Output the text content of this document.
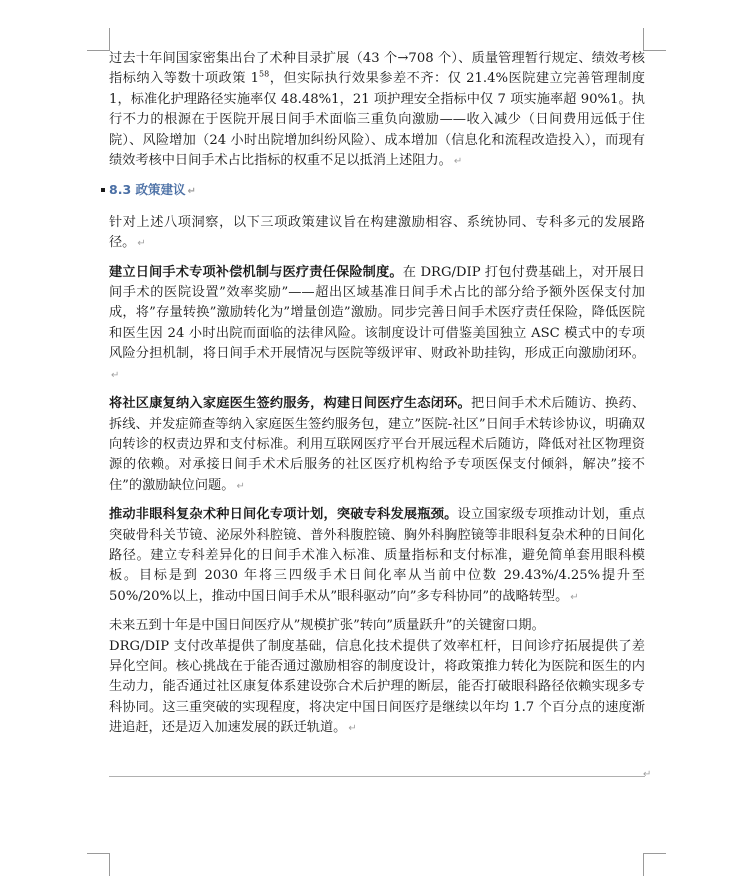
过去十年间国家密集出台了术种目录扩展（43 个→708 个）、质量管理暂行规定、绩效考核指标纳入等数十项政策 $1^{58}$，但实际执行效果参差不齐：仅 21.4%医院建立完善管理制度 1，标准化护理路径实施率仅 48.48%1，21 项护理安全指标中仅 7 项实施率超 90%1。执行不力的根源在于医院开展日间手术面临三重负向激励——收入减少（日间费用远低于住院）、风险增加（24 小时出院增加纠纷风险）、成本增加（信息化和流程改造投入），而现有绩效考核中日间手术占比指标的权重不足以抵消上述阻力。 ↵

8.3 政策建议 ↵

针对上述八项洞察，以下三项政策建议旨在构建激励相容、系统协同、专科多元的发展路径。 ↵

建立日间手术专项补偿机制与医疗责任保险制度。在 DRG/DIP 打包付费基础上，对开展日间手术的医院设置”效率奖励”——超出区域基准日间手术占比的部分给予额外医保支付加成，将”存量转换”激励转化为”增量创造”激励。同步完善日间手术医疗责任保险，降低医院和医生因 24 小时出院而面临的法律风险。该制度设计可借鉴美国独立 ASC 模式中的专项风险分担机制，将日间手术开展情况与医院等级评审、财政补助挂钩，形成正向激励闭环。↵

将社区康复纳入家庭医生签约服务，构建日间医疗生态闭环。把日间手术术后随访、换药、拆线、并发症筛查等纳入家庭医生签约服务包，建立”医院-社区”日间手术转诊协议，明确双向转诊的权责边界和支付标准。利用互联网医疗平台开展远程术后随访，降低对社区物理资源的依赖。对承接日间手术术后服务的社区医疗机构给予专项医保支付倾斜，解决”接不住”的激励缺位问题。 ↵

推动非眼科复杂术种日间化专项计划，突破专科发展瓶颈。设立国家级专项推动计划，重点突破骨科关节镜、泌尿外科腔镜、普外科腹腔镜、胸外科胸腔镜等非眼科复杂术种的日间化路径。建立专科差异化的日间手术准入标准、质量指标和支付标准，避免简单套用眼科模板。目标是到 2030 年将三四级手术日间化率从当前中位数 29.43%/4.25%提升至 50%/20%以上，推动中国日间手术从”眼科驱动”向”多专科协同”的战略转型。 ↵

未来五到十年是中国日间医疗从”规模扩张”转向”质量跃升”的关键窗口期。

DRG/DIP 支付改革提供了制度基础，信息化技术提供了效率杠杆，日间诊疗拓展提供了差异化空间。核心挑战在于能否通过激励相容的制度设计，将政策推力转化为医院和医生的内生动力，能否通过社区康复体系建设弥合术后护理的断层，能否打破眼科路径依赖实现多专科协同。这三重突破的实现程度，将决定中国日间医疗是继续以年均 1.7 个百分点的速度渐进追赶，还是迈入加速发展的跃迁轨道。 ↵

↵
